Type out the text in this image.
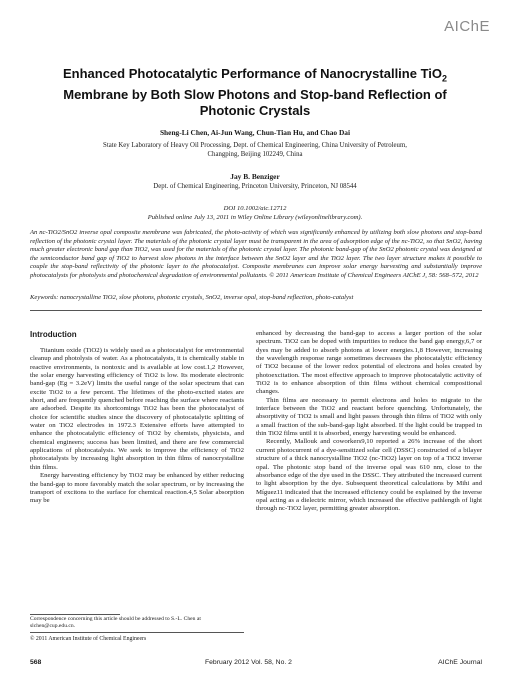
AIChE
Enhanced Photocatalytic Performance of Nanocrystalline TiO$_2$
Membrane by Both Slow Photons and Stop-band Reflection of
Photonic Crystals
Sheng-Li Chen, Ai-Jun Wang, Chun-Tian Hu, and Chao Dai
State Key Laboratory of Heavy Oil Processing, Dept. of Chemical Engineering, China University of Petroleum,
Changping, Beijing 102249, China
Jay B. Benziger
Dept. of Chemical Engineering, Princeton University, Princeton, NJ 08544
DOI 10.1002/aic.12712
Published online July 13, 2011 in Wiley Online Library (wileyonlinelibrary.com).
An nc-TiO2/SnO2 inverse opal composite membrane was fabricated, the photo-activity of which was significantly enhanced by utilizing both slow photons and stop-band reflection of the photonic crystal layer. The materials of the photonic crystal layer must be transparent in the area of adsorption edge of the nc-TiO2, so that SnO2, having much greater electronic band gap than TiO2, was used for the materials of the photonic crystal layer. The photonic band-gap of the SnO2 photonic crystal was designed at the semiconductor band gap of TiO2 to harvest slow photons in the interface between the SnO2 layer and the TiO2 layer. The two layer structure makes it possible to couple the stop-band reflectivity of the photonic layer to the photocatalyst. Composite membranes can improve solar energy harvesting and substantially improve photocatalysts for photolysis and photochemical degradation of environmental pollutants. © 2011 American Institute of Chemical Engineers AIChE J, 58: 568–572, 2012
Keywords: nanocrystalline TiO2, slow photons, photonic crystals, SnO2, inverse opal, stop-band reflection, photo-catalyst
Introduction

Titanium oxide (TiO2) is widely used as a photocatalyst for environmental cleanup and photolysis of water. As a photocatalysts, it is chemically stable in reactive environments, is nontoxic and is available at low cost.1,2 However, the solar energy harvesting efficiency of TiO2 is low. Its moderate electronic band-gap (Eg = 3.2eV) limits the useful range of the solar spectrum that can excite TiO2 to a few percent. The lifetimes of the photo-excited states are short, and are frequently quenched before reaching the surface where reactants are adsorbed. Despite its shortcomings TiO2 has been the photocatalyst of choice for scientific studies since the discovery of photocatalytic splitting of water on TiO2 electrodes in 1972.3 Extensive efforts have attempted to enhance the photocatalytic efficiency of TiO2 by chemists, physicists, and chemical engineers; success has been limited, and there are few commercial applications of photocatalysis. We seek to improve the efficiency of TiO2 photocatalysts by increasing light absorption in thin films of nanocrystalline thin films.

Energy harvesting efficiency by TiO2 may be enhanced by either reducing the band-gap to more favorably match the solar spectrum, or by increasing the transport of excitons to the surface for chemical reaction.4,5 Solar absorption may be

enhanced by decreasing the band-gap to access a larger portion of the solar spectrum. TiO2 can be doped with impurities to reduce the band gap energy,6,7 or dyes may be added to absorb photons at lower energies.1,8 However, increasing the wavelength response range sometimes decreases the photocatalytic efficiency of TiO2 because of the lower redox potential of electrons and holes created by photoexcitation. The most effective approach to improve photocatalytic activity of TiO2 is to enhance absorption of thin films without chemical compositional changes.

Thin films are necessary to permit electrons and holes to migrate to the interface between the TiO2 and reactant before quenching. Unfortunately, the absorptivity of TiO2 is small and light passes through thin films of TiO2 with only a small fraction of the sub-band-gap light absorbed. If the light could be trapped in thin TiO2 films until it is absorbed, energy harvesting would be enhanced.

Recently, Mallouk and coworkers9,10 reported a 26% increase of the short current photocurrent of a dye-sensitized solar cell (DSSC) constructed of a bilayer structure of a thick nanocrystalline TiO2 (nc-TiO2) layer on top of a TiO2 inverse opal. The photonic stop band of the inverse opal was 610 nm, close to the absorbance edge of the dye used in the DSSC. They attributed the increased current to light absorption by the dye. Subsequent theoretical calculations by Mihi and Míguez11 indicated that the increased efficiency could be explained by the inverse opal acting as a dielectric mirror, which increased the effective pathlength of light through nc-TiO2 layer, permitting greater absorption.

Correspondence concerning this article should be addressed to S.-L. Chen at slchen@cup.edu.cn.
© 2011 American Institute of Chemical Engineers
568	February 2012 Vol. 58, No. 2	AIChE Journal
